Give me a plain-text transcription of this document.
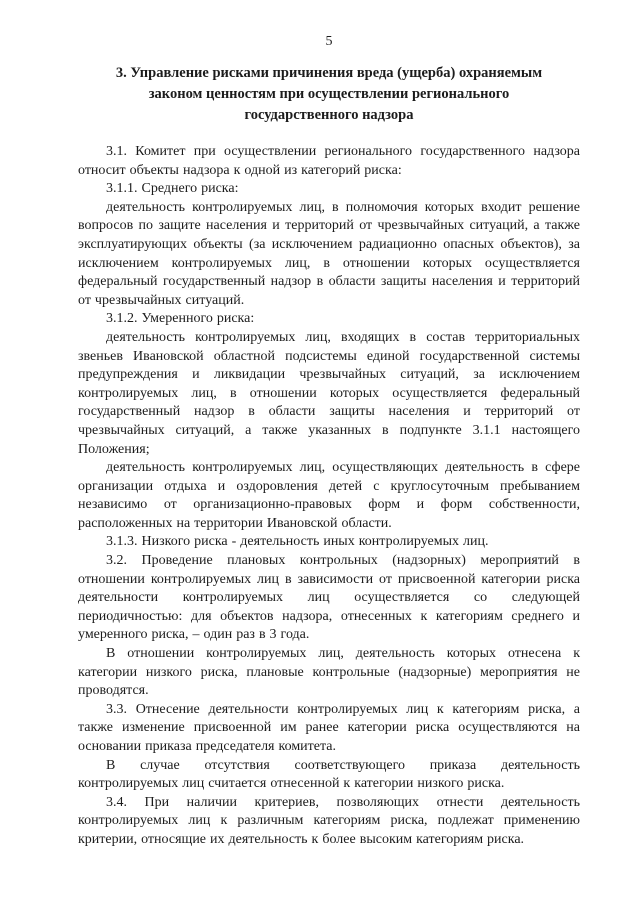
5
3. Управление рисками причинения вреда (ущерба) охраняемым
законом ценностям при осуществлении регионального
государственного надзора

3.1. Комитет при осуществлении регионального государственного надзора относит объекты надзора к одной из категорий риска:

3.1.1. Среднего риска:

деятельность контролируемых лиц, в полномочия которых входит решение вопросов по защите населения и территорий от чрезвычайных ситуаций, а также эксплуатирующих объекты (за исключением радиационно опасных объектов), за исключением контролируемых лиц, в отношении которых осуществляется федеральный государственный надзор в области защиты населения и территорий от чрезвычайных ситуаций.

3.1.2. Умеренного риска:

деятельность контролируемых лиц, входящих в состав территориальных звеньев Ивановской областной подсистемы единой государственной системы предупреждения и ликвидации чрезвычайных ситуаций, за исключением контролируемых лиц, в отношении которых осуществляется федеральный государственный надзор в области защиты населения и территорий от чрезвычайных ситуаций, а также указанных в подпункте 3.1.1 настоящего Положения;

деятельность контролируемых лиц, осуществляющих деятельность в сфере организации отдыха и оздоровления детей с круглосуточным пребыванием независимо от организационно-правовых форм и форм собственности, расположенных на территории Ивановской области.

3.1.3. Низкого риска - деятельность иных контролируемых лиц.

3.2. Проведение плановых контрольных (надзорных) мероприятий в отношении контролируемых лиц в зависимости от присвоенной категории риска деятельности контролируемых лиц осуществляется со следующей периодичностью: для объектов надзора, отнесенных к категориям среднего и умеренного риска, – один раз в 3 года.

В отношении контролируемых лиц, деятельность которых отнесена к категории низкого риска, плановые контрольные (надзорные) мероприятия не проводятся.

3.3. Отнесение деятельности контролируемых лиц к категориям риска, а также изменение присвоенной им ранее категории риска осуществляются на основании приказа председателя комитета.

В случае отсутствия соответствующего приказа деятельность контролируемых лиц считается отнесенной к категории низкого риска.

3.4. При наличии критериев, позволяющих отнести деятельность контролируемых лиц к различным категориям риска, подлежат применению критерии, относящие их деятельность к более высоким категориям риска.
